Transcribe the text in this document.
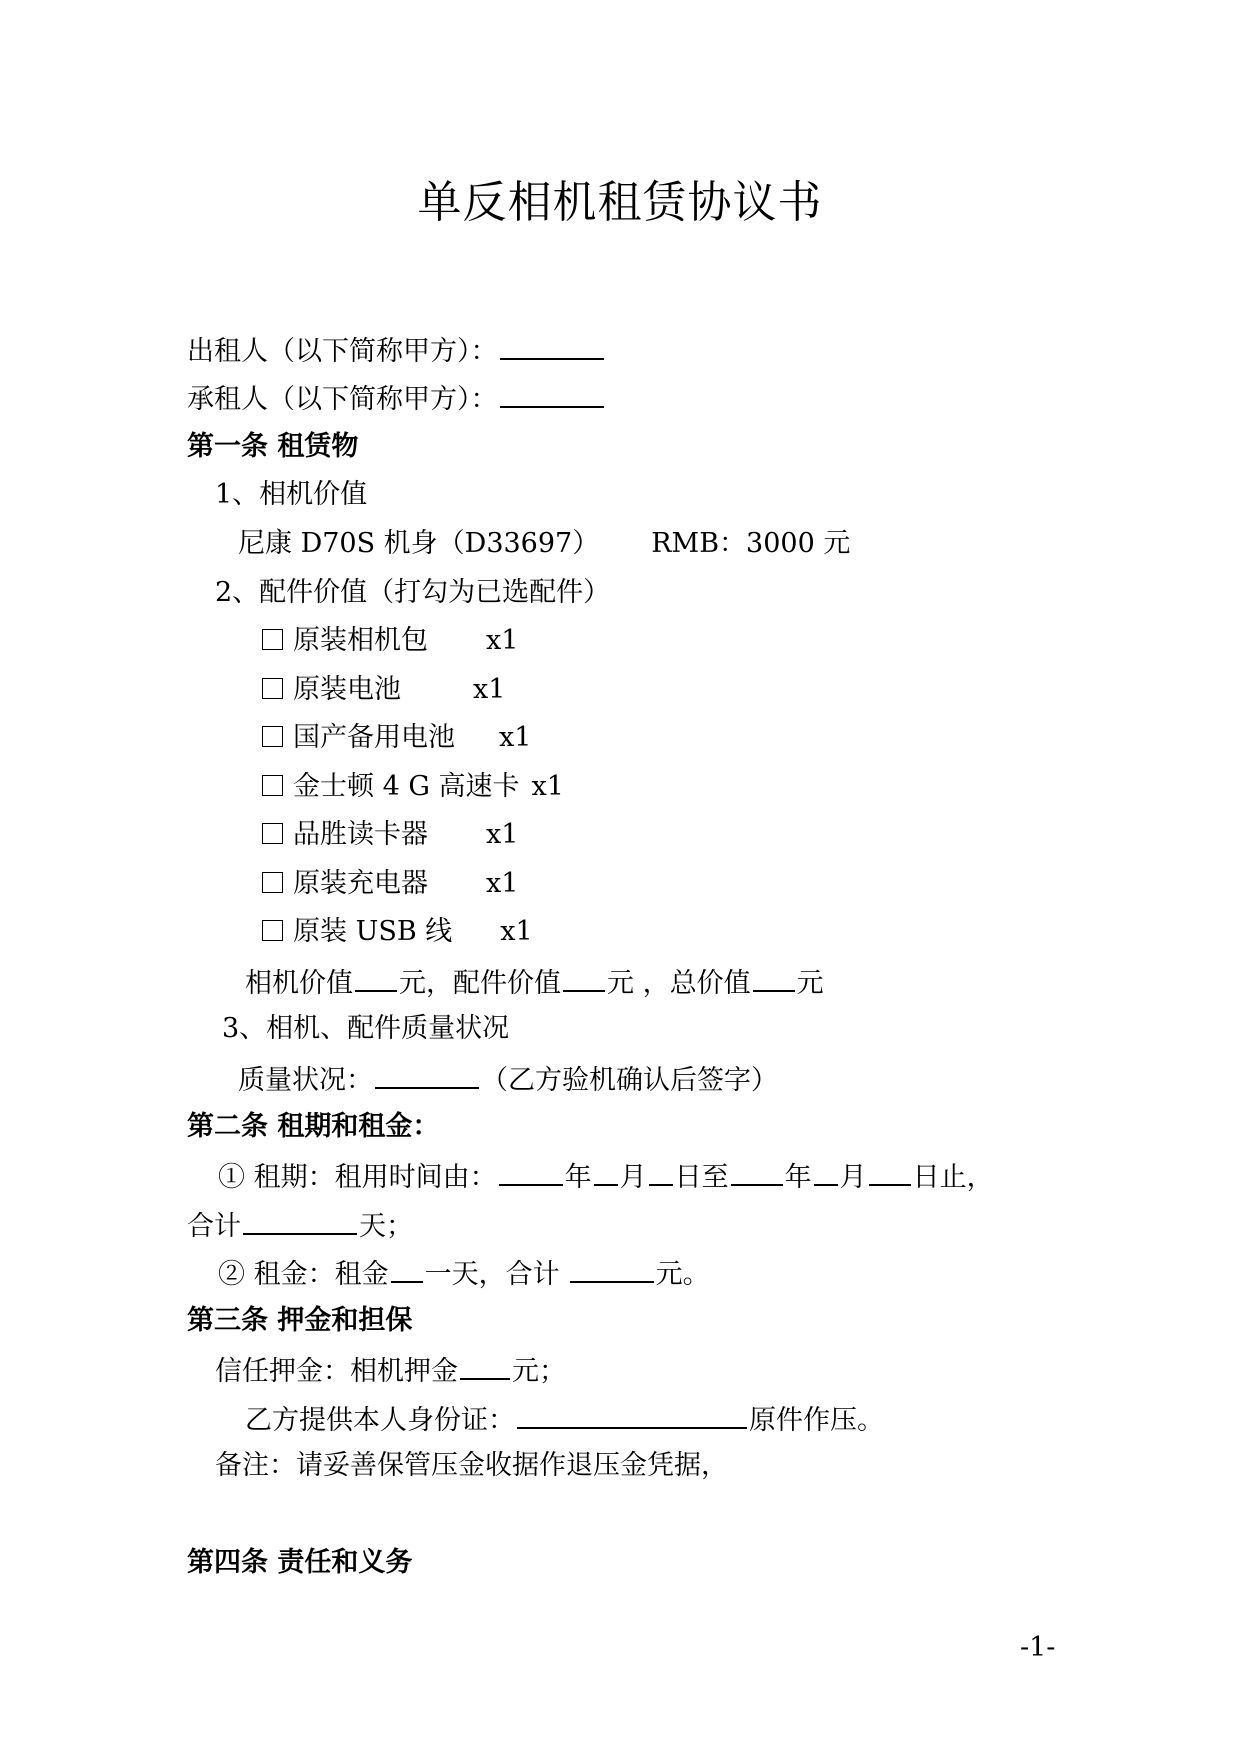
单反相机租赁协议书
出租人（以下简称甲方）：
承租人（以下简称甲方）：
第一条 租赁物
1、相机价值
尼康 D70S 机身（D33697） RMB：3000 元
2、配件价值（打勾为已选配件）
原装相机包 x1
原装电池	x1
国产备用电池 x1
金士顿 4 G 高速卡 x1
品胜读卡器 x1
原装充电器 x1
原装 USB 线 x1
相机价值 元，配件价值 元 ，总价值 元
3、相机、配件质量状况
质量状况：	（乙方验机确认后签字）
第二条 租期和租金：
① 租期：租用时间由：	年 月 日至 年 月 日止，
合计	天；
② 租金：租金 一天，合计	元。
第三条 押金和担保
信任押金：相机押金 元；
乙方提供本人身份证：	原件作压。
备注：请妥善保管压金收据作退压金凭据，
第四条 责任和义务
-1-
